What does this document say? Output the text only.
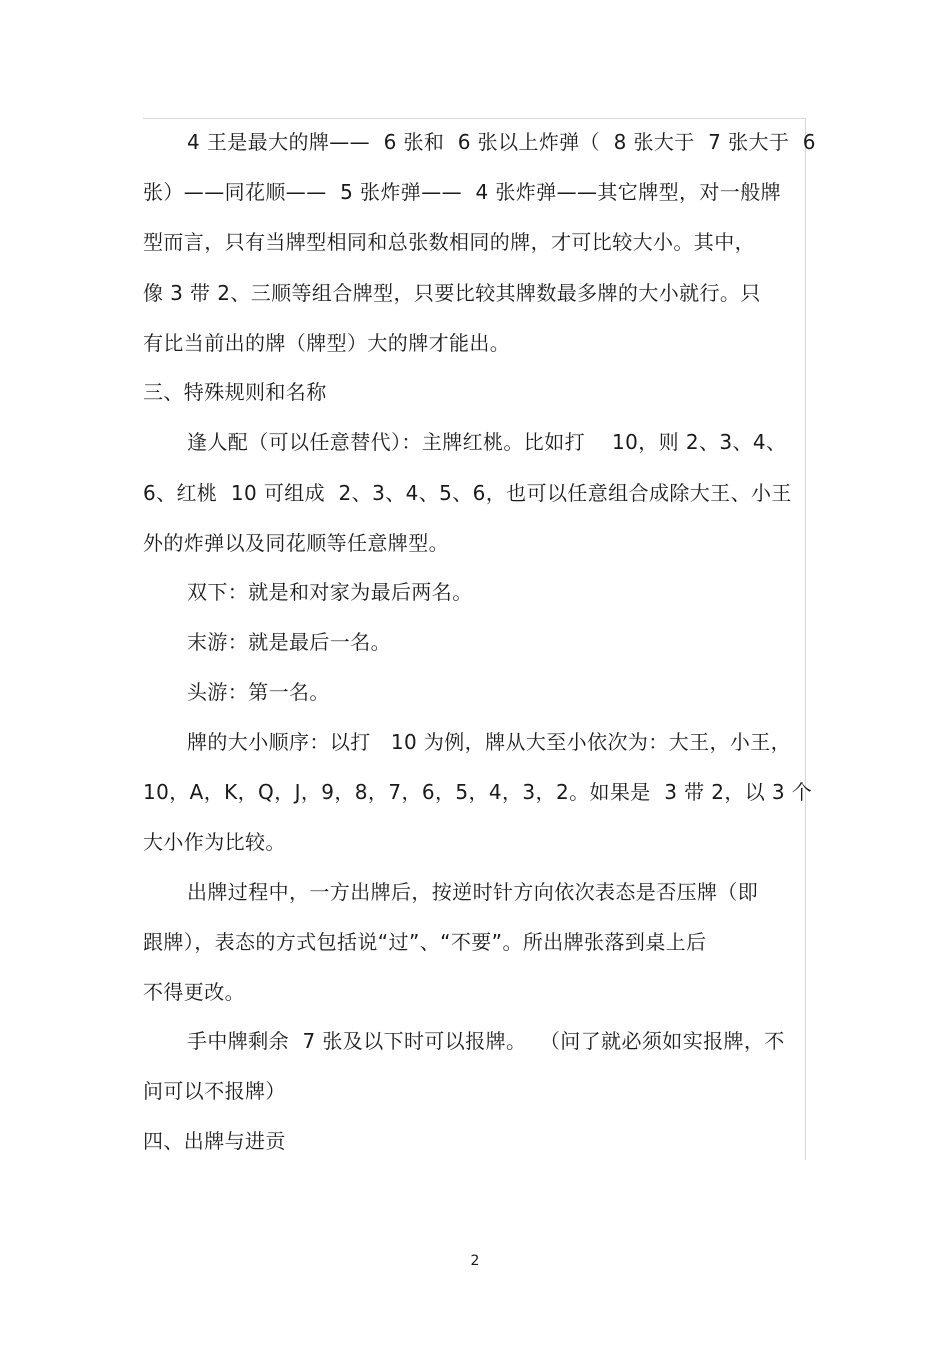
4 王是最大的牌——  6 张和  6 张以上炸弹（  8 张大于  7 张大于  6
张）——同花顺——  5 张炸弹——  4 张炸弹——其它牌型，对一般牌
型而言，只有当牌型相同和总张数相同的牌，才可比较大小。其中，
像 3 带 2、三顺等组合牌型，只要比较其牌数最多牌的大小就行。只
有比当前出的牌（牌型）大的牌才能出。
三、特殊规则和名称
逢人配（可以任意替代）：主牌红桃。比如打    10，则 2、3、4、
6、红桃  10 可组成  2、3、4、5、6，也可以任意组合成除大王、小王
外的炸弹以及同花顺等任意牌型。
双下：就是和对家为最后两名。
末游：就是最后一名。
头游：第一名。
牌的大小顺序：以打   10 为例，牌从大至小依次为：大王，小王，
10，A，K，Q，J，9，8，7，6，5，4，3，2。如果是  3 带 2，以 3 个
大小作为比较。
出牌过程中，一方出牌后，按逆时针方向依次表态是否压牌（即
跟牌），表态的方式包括说“过”、“不要”。所出牌张落到桌上后
不得更改。
手中牌剩余  7 张及以下时可以报牌。  （问了就必须如实报牌，不
问可以不报牌）
四、出牌与进贡
2
